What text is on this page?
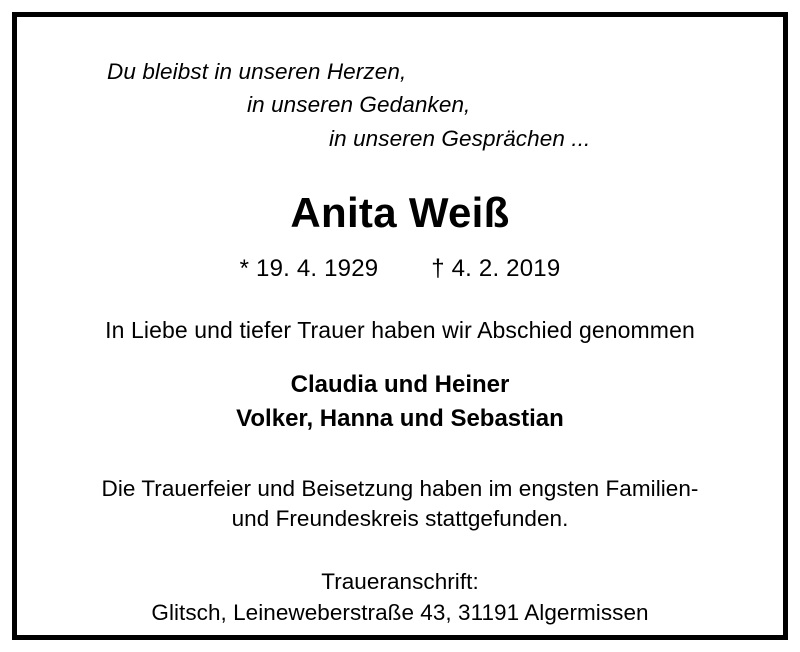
Du bleibst in unseren Herzen,
in unseren Gedanken,
in unseren Gesprächen ...
Anita Weiß
* 19. 4. 1929 † 4. 2. 2019
In Liebe und tiefer Trauer haben wir Abschied genommen
Claudia und Heiner
Volker, Hanna und Sebastian
Die Trauerfeier und Beisetzung haben im engsten Familien-
und Freundeskreis stattgefunden.
Traueranschrift:
Glitsch, Leineweberstraße 43, 31191 Algermissen
